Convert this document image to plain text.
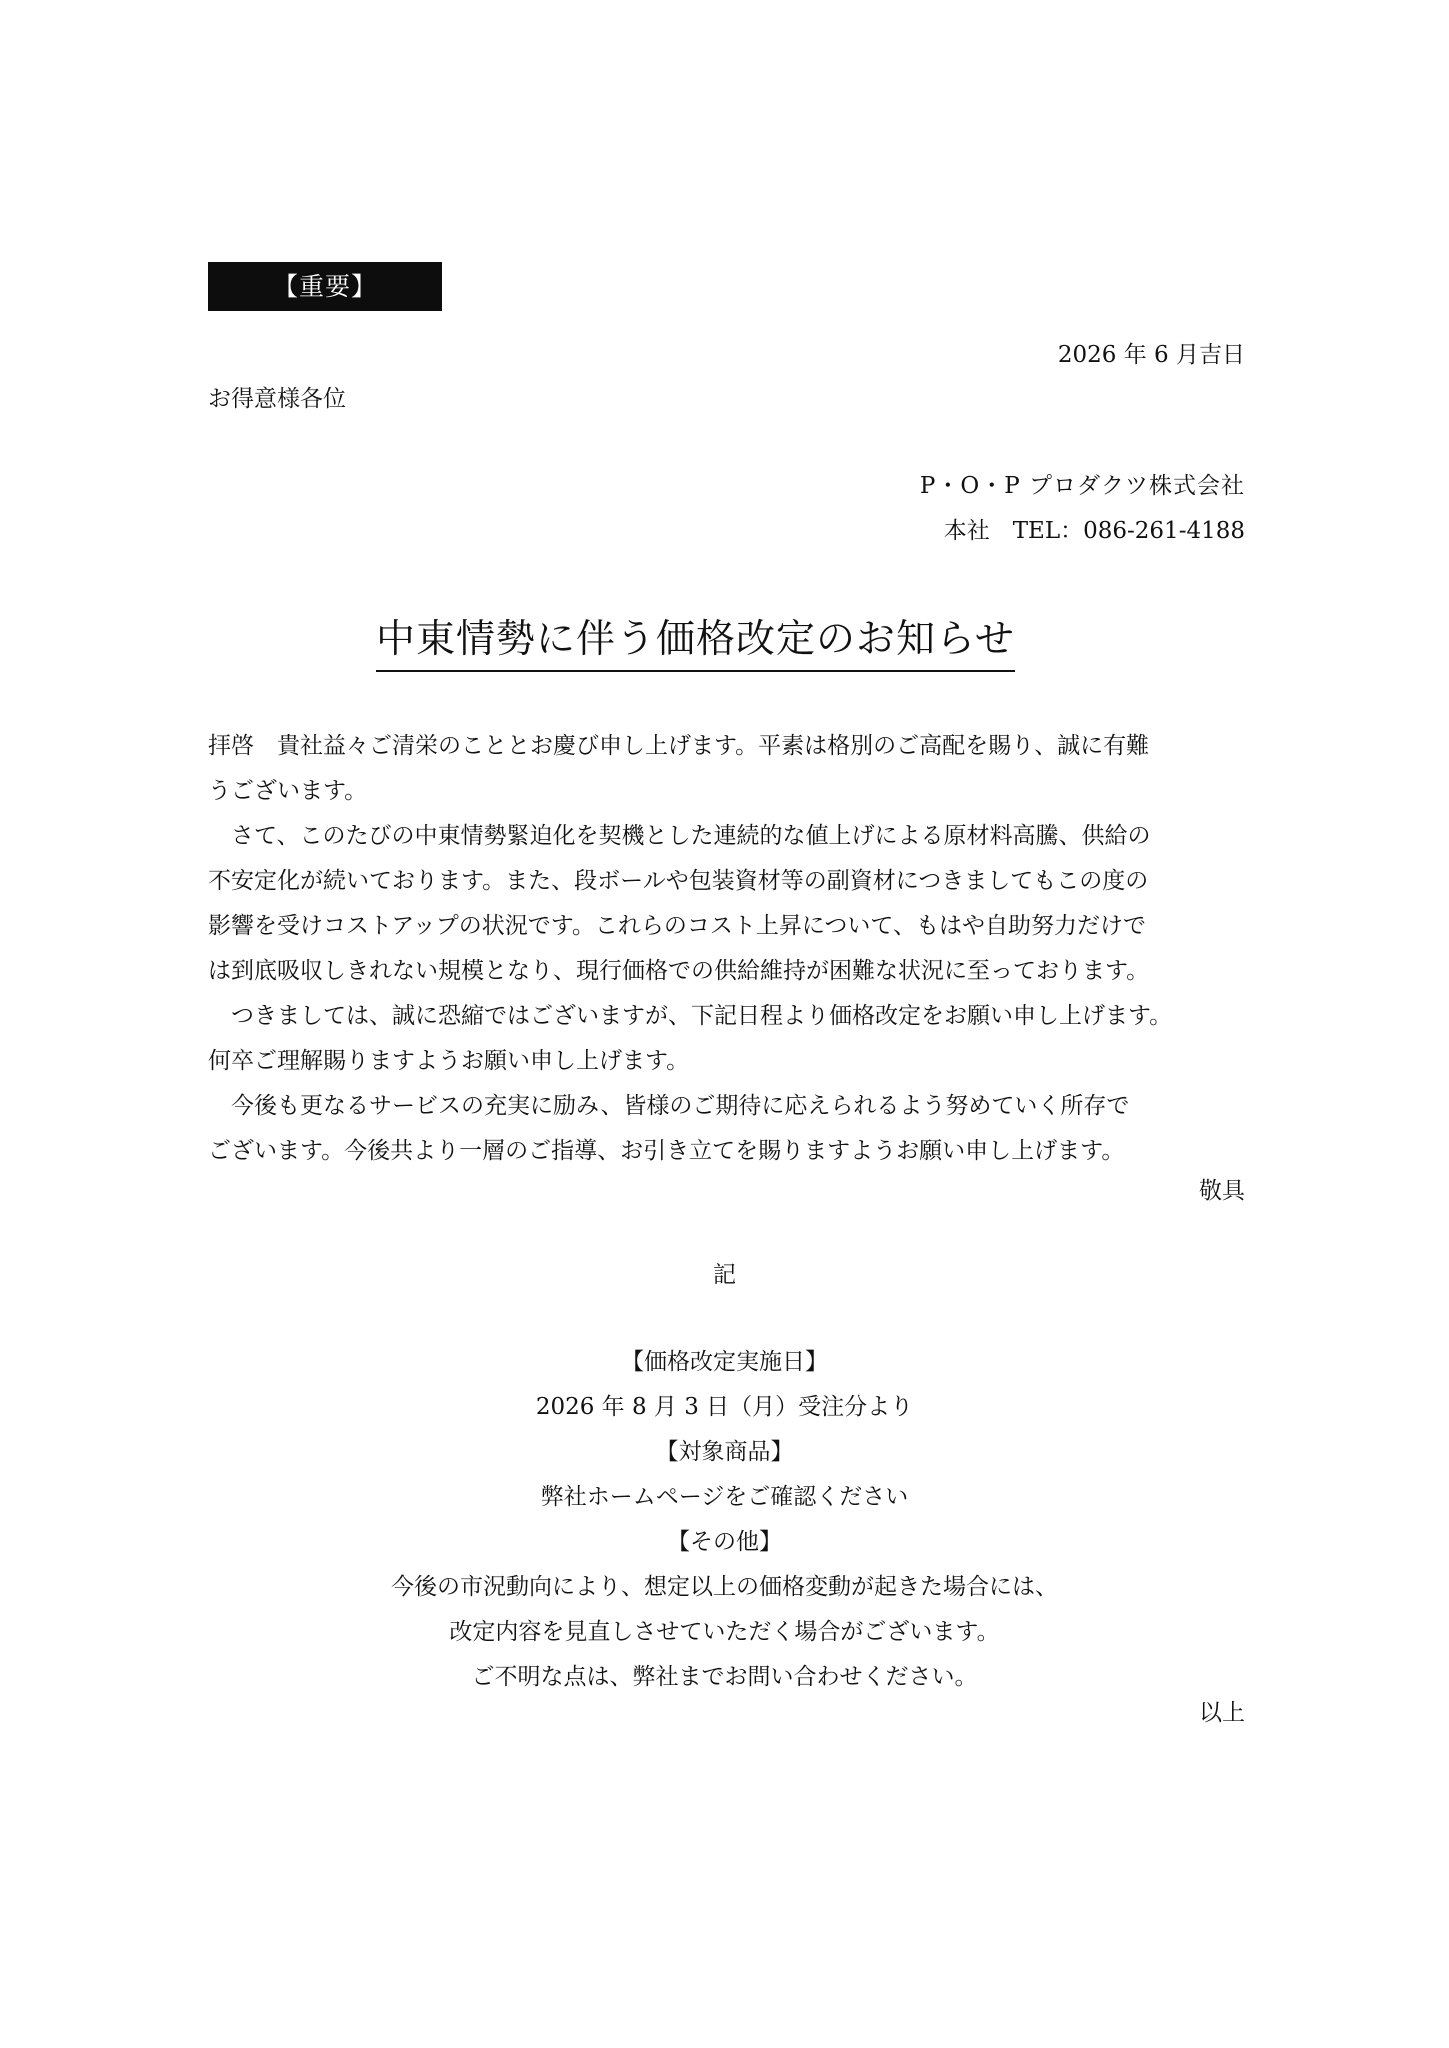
【重要】
2026 年 6 月吉日
お得意様各位
P・O・P プロダクツ株式会社
本社　TEL：086-261-4188
中東情勢に伴う価格改定のお知らせ
拝啓　貴社益々ご清栄のこととお慶び申し上げます。平素は格別のご高配を賜り、誠に有難
うございます。
　さて、このたびの中東情勢緊迫化を契機とした連続的な値上げによる原材料高騰、供給の
不安定化が続いております。また、段ボールや包装資材等の副資材につきましてもこの度の
影響を受けコストアップの状況です。これらのコスト上昇について、もはや自助努力だけで
は到底吸収しきれない規模となり、現行価格での供給維持が困難な状況に至っております。
　つきましては、誠に恐縮ではございますが、下記日程より価格改定をお願い申し上げます。
何卒ご理解賜りますようお願い申し上げます。
　今後も更なるサービスの充実に励み、皆様のご期待に応えられるよう努めていく所存で
ございます。今後共より一層のご指導、お引き立てを賜りますようお願い申し上げます。
敬具
記
【価格改定実施日】
2026 年 8 月 3 日（月）受注分より
【対象商品】
弊社ホームページをご確認ください
【その他】
今後の市況動向により、想定以上の価格変動が起きた場合には、
改定内容を見直しさせていただく場合がございます。
ご不明な点は、弊社までお問い合わせください。
以上
